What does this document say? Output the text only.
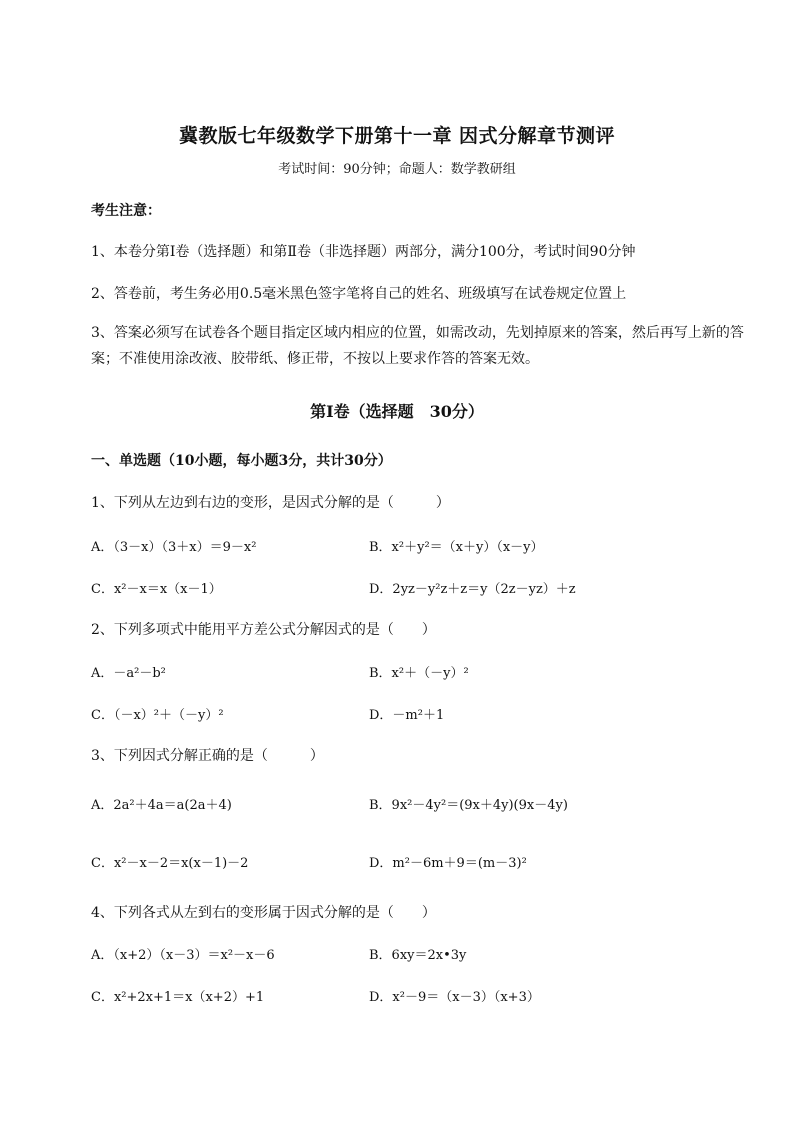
冀教版七年级数学下册第十一章 因式分解章节测评
考试时间：90分钟；命题人：数学教研组
考生注意：
1、本卷分第I卷（选择题）和第Ⅱ卷（非选择题）两部分，满分100分，考试时间90分钟
2、答卷前，考生务必用0.5毫米黑色签字笔将自己的姓名、班级填写在试卷规定位置上
3、答案必须写在试卷各个题目指定区域内相应的位置，如需改动，先划掉原来的答案，然后再写上新的答案；不准使用涂改液、胶带纸、修正带，不按以上要求作答的答案无效。
第I卷（选择题　30分）
一、单选题（10小题，每小题3分，共计30分）
1、下列从左边到右边的变形，是因式分解的是（　　　）
A．（3－x）（3＋x）＝9－x²	B．x²＋y²＝（x＋y）（x－y）
C．x²－x＝x（x－1）	D．2yz－y²z＋z＝y（2z－yz）＋z
2、下列多项式中能用平方差公式分解因式的是（　　）
A．－a²－b²	B．x²＋（－y）²
C．（－x）²＋（－y）²	D．－m²＋1
3、下列因式分解正确的是（　　　）
A．2a²＋4a＝a(2a＋4)	B．9x²－4y²＝(9x＋4y)(9x－4y)
C．x²－x－2＝x(x－1)－2	D．m²－6m＋9＝(m－3)²
4、下列各式从左到右的变形属于因式分解的是（　　）
A．（x+2）（x－3）＝x²－x－6	B．6xy＝2x•3y
C．x²+2x+1＝x（x+2）+1	D．x²－9＝（x－3）（x+3）
